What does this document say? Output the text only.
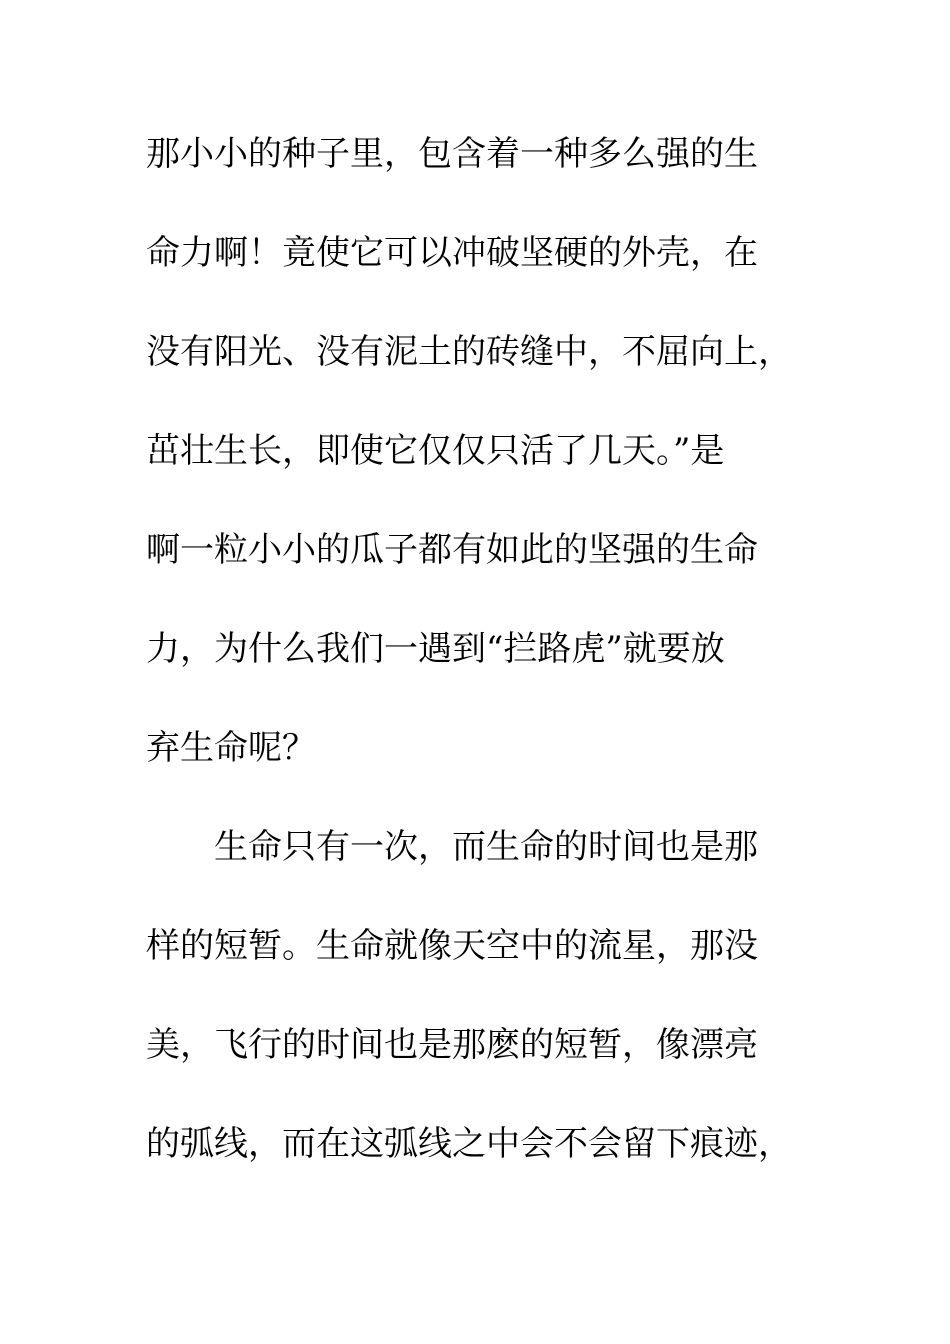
那小小的种子里，包含着一种多么强的生
命力啊！竟使它可以冲破坚硬的外壳，在
没有阳光、没有泥土的砖缝中，不屈向上，
茁壮生长，即使它仅仅只活了几天。”是
啊一粒小小的瓜子都有如此的坚强的生命
力，为什么我们一遇到“拦路虎”就要放
弃生命呢？
生命只有一次，而生命的时间也是那
样的短暂。生命就像天空中的流星，那没
美，飞行的时间也是那麽的短暂，像漂亮
的弧线，而在这弧线之中会不会留下痕迹，
